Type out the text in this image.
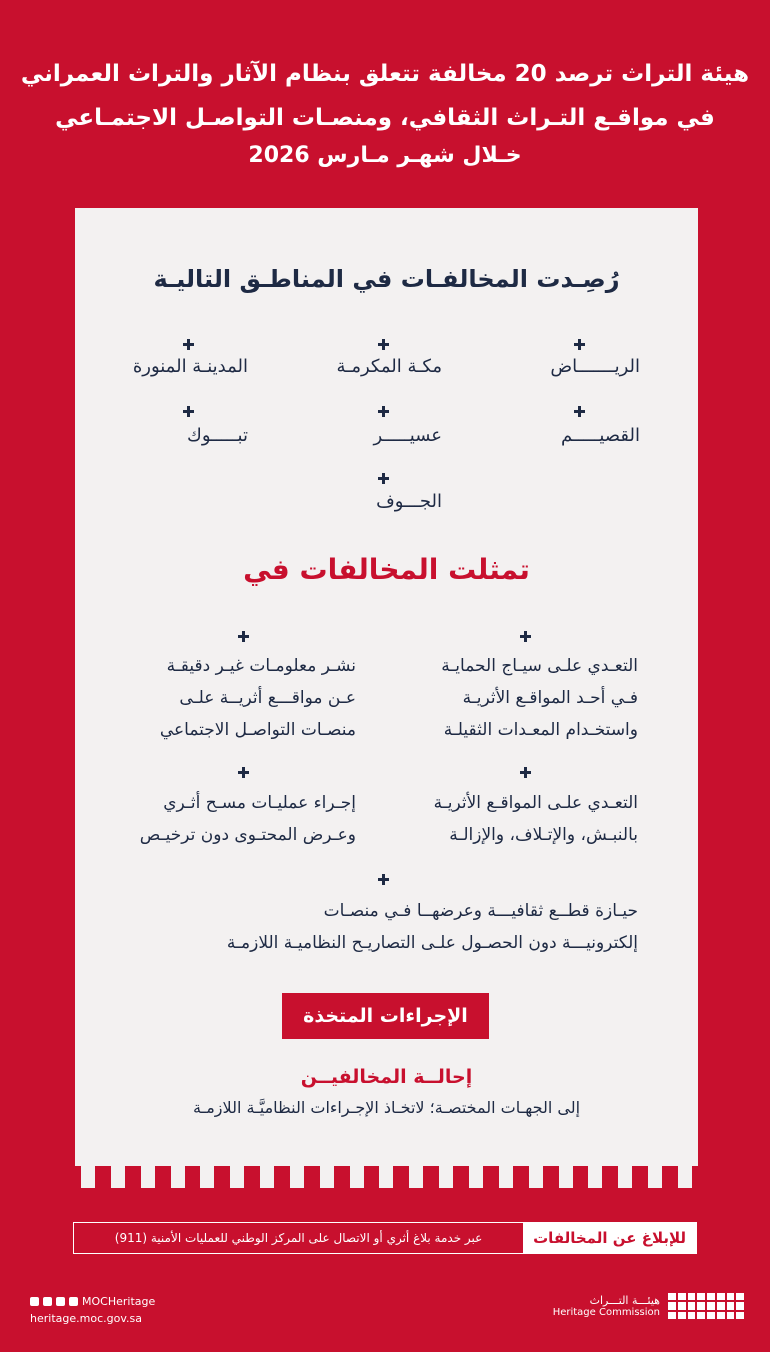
هيئة التراث ترصد 20 مخالفة تتعلق بنظام الآثار والتراث العمراني
في مواقـع التـراث الثقافي، ومنصـات التواصـل الاجتمـاعي
خـلال شهـر مـارس 2026
رُصِـدت المخالفـات في المناطـق التاليـة
الريـــــــاض
مكـة المكرمـة
المدينـة المنورة
القصيـــــم
عسيـــــر
تبـــــوك
الجـــوف
تمثلت المخالفات في
التعـدي علـى سيـاج الحمايـة
فـي أحـد المواقـع الأثريـة
واستخـدام المعـدات الثقيلـة
نشـر معلومـات غيـر دقيقـة
عـن مواقـــع أثريــة علـى
منصـات التواصـل الاجتماعي
التعـدي علـى المواقـع الأثريـة
بالنبـش، والإتـلاف، والإزالـة
إجـراء عمليـات مسـح أثـري
وعـرض المحتـوى دون ترخيـص
حيـازة قطــع ثقافيـــة وعرضهــا فـي منصـات
إلكترونيـــة دون الحصـول علـى التصاريـح النظاميـة اللازمـة
الإجراءات المتخذة
إحالــة المخالفيــن
إلى الجهـات المختصـة؛ لاتخـاذ الإجـراءات النظاميَّـة اللازمـة
للإبلاغ عن المخالفات
عبر خدمة بلاغ أثري أو الاتصال على المركز الوطني للعمليات الأمنية (911)
MOCHeritage
heritage.moc.gov.sa
هيئـــة التـــراث
Heritage Commission
